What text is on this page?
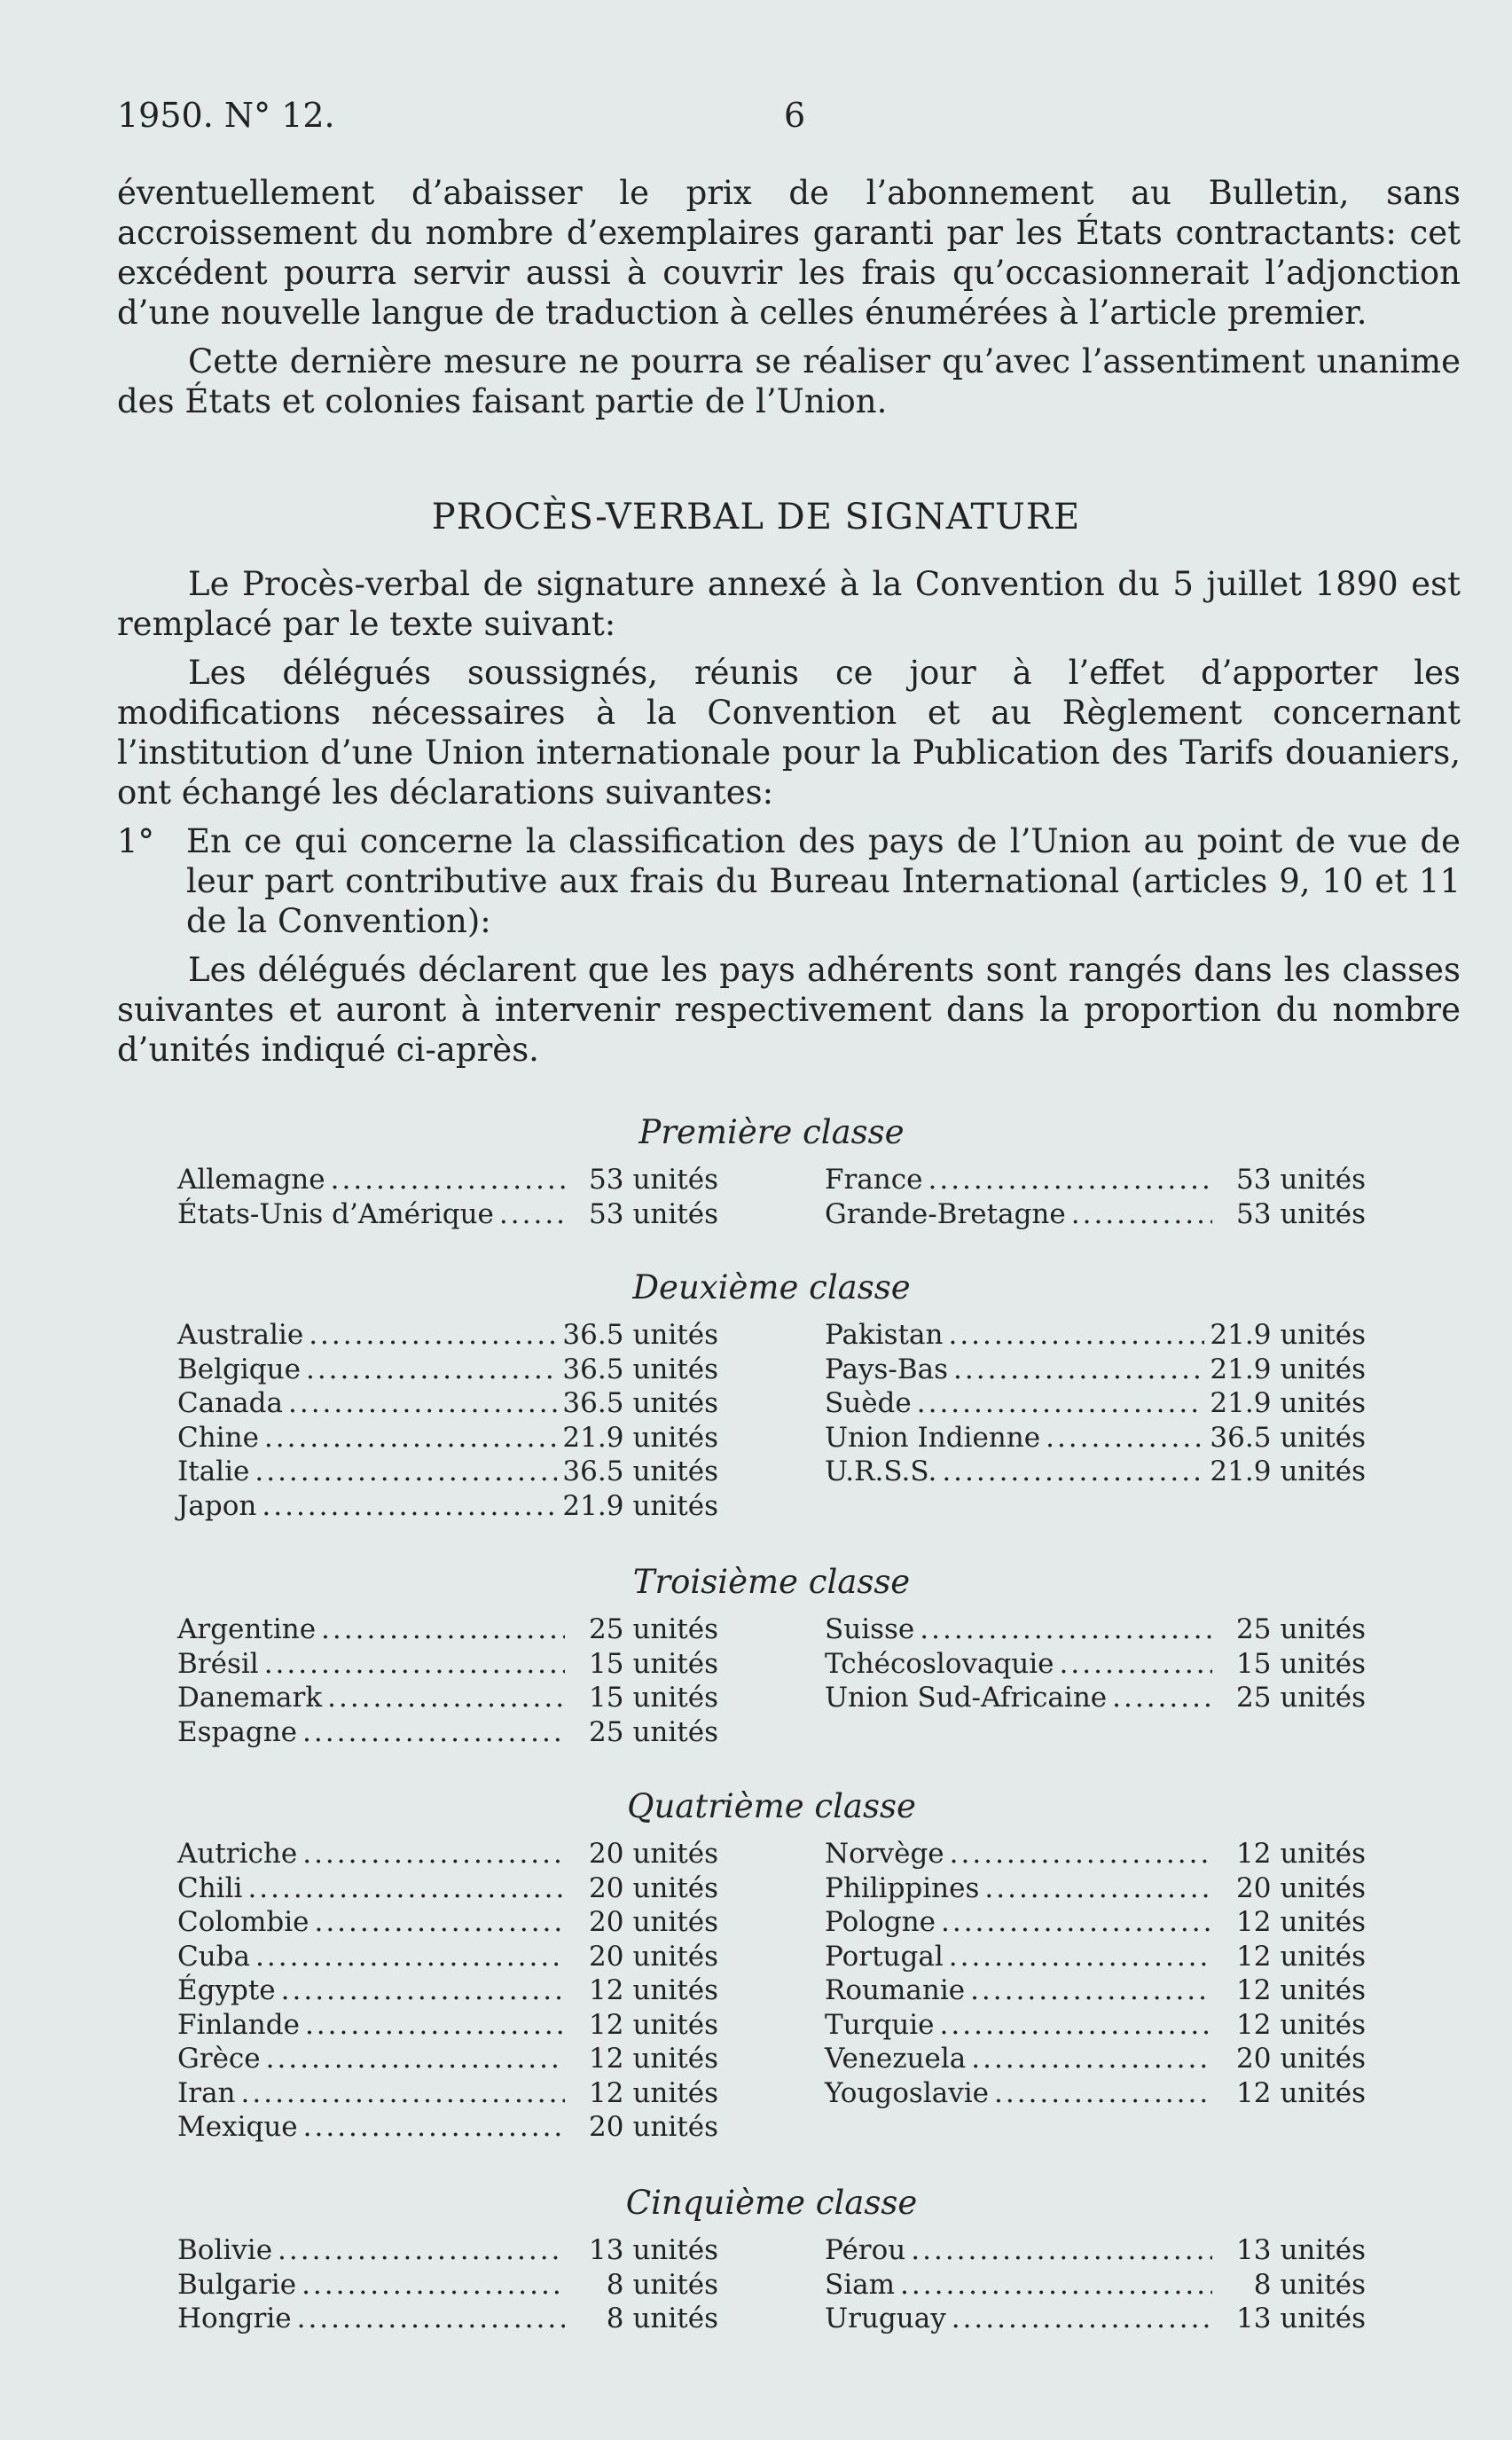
1950. N° 12.	6

éventuellement d’abaisser le prix de l’abonnement au Bulletin, sans accroissement du nombre d’exemplaires garanti par les États contractants: cet excédent pourra servir aussi à couvrir les frais qu’occasionnerait l’adjonction d’une nouvelle langue de traduction à celles énumérées à l’article premier.

Cette dernière mesure ne pourra se réaliser qu’avec l’assentiment unanime des États et colonies faisant partie de l’Union.

PROCÈS-VERBAL DE SIGNATURE

Le Procès-verbal de signature annexé à la Convention du 5 juillet 1890 est remplacé par le texte suivant:

Les délégués soussignés, réunis ce jour à l’effet d’apporter les modifications nécessaires à la Convention et au Règlement concernant l’institution d’une Union internationale pour la Publication des Tarifs douaniers, ont échangé les déclarations suivantes:

1° En ce qui concerne la classification des pays de l’Union au point de vue de leur part contributive aux frais du Bureau International (articles 9, 10 et 11 de la Convention):

Les délégués déclarent que les pays adhérents sont rangés dans les classes suivantes et auront à intervenir respectivement dans la proportion du nombre d’unités indiqué ci-après.

Première classe
Allemagne .....	53 unités
États-Unis d’Amérique .....	53 unités
France .....	53 unités
Grande-Bretagne .....	53 unités
Deuxième classe
Australie .....	36.5 unités
Belgique .....	36.5 unités
Canada .....	36.5 unités
Chine .....	21.9 unités
Italie .....	36.5 unités
Japon .....	21.9 unités
Pakistan .....	21.9 unités
Pays-Bas .....	21.9 unités
Suède .....	21.9 unités
Union Indienne .....	36.5 unités
U.R.S.S. .....	21.9 unités
Troisième classe
Argentine .....	25 unités
Brésil .....	15 unités
Danemark .....	15 unités
Espagne .....	25 unités
Suisse .....	25 unités
Tchécoslovaquie .....	15 unités
Union Sud-Africaine .....	25 unités
Quatrième classe
Autriche .....	20 unités
Chili .....	20 unités
Colombie .....	20 unités
Cuba .....	20 unités
Égypte .....	12 unités
Finlande .....	12 unités
Grèce .....	12 unités
Iran .....	12 unités
Mexique .....	20 unités
Norvège .....	12 unités
Philippines .....	20 unités
Pologne .....	12 unités
Portugal .....	12 unités
Roumanie .....	12 unités
Turquie .....	12 unités
Venezuela .....	20 unités
Yougoslavie .....	12 unités
Cinquième classe
Bolivie .....	13 unités
Bulgarie .....	8 unités
Hongrie .....	8 unités
Pérou .....	13 unités
Siam .....	8 unités
Uruguay .....	13 unités
